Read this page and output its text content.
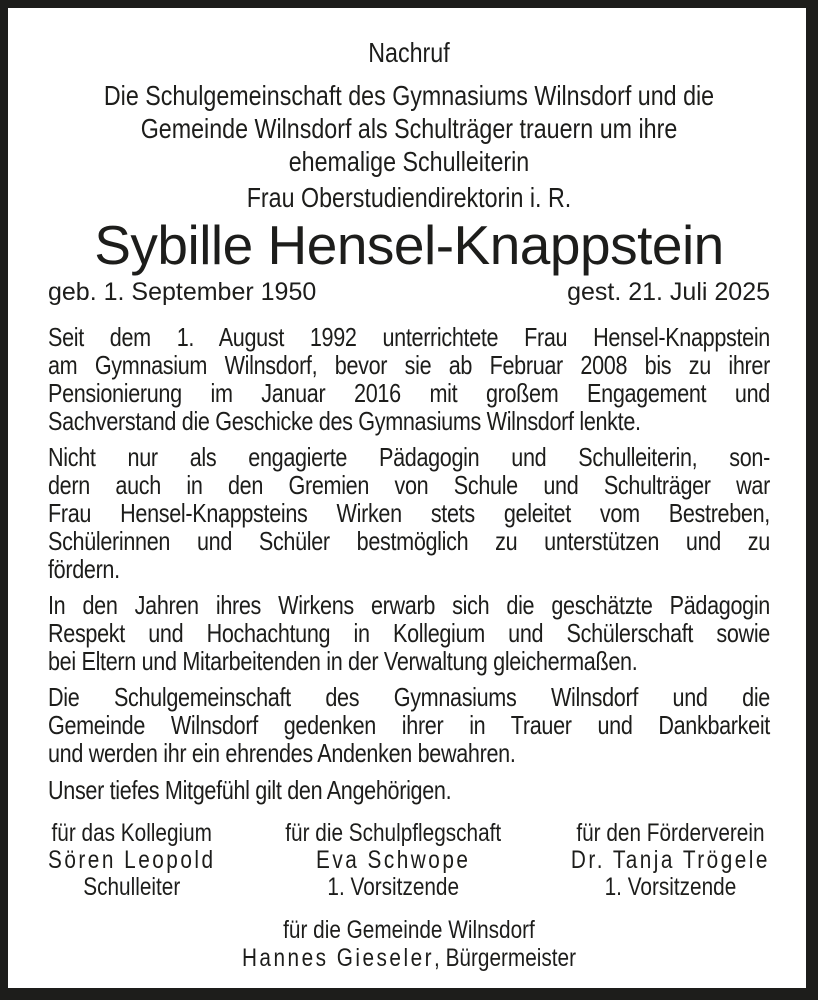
Nachruf
Die Schulgemeinschaft des Gymnasiums Wilnsdorf und die
Gemeinde Wilnsdorf als Schulträger trauern um ihre
ehemalige Schulleiterin
Frau Oberstudiendirektorin i. R.
Sybille Hensel-Knappstein
geb. 1. September 1950	gest. 21. Juli 2025
Seit dem 1. August 1992 unterrichtete Frau Hensel-Knappstein
am Gymnasium Wilnsdorf, bevor sie ab Februar 2008 bis zu ihrer
Pensionierung im Januar 2016 mit großem Engagement und
Sachverstand die Geschicke des Gymnasiums Wilnsdorf lenkte.
Nicht nur als engagierte Pädagogin und Schulleiterin, son-
dern auch in den Gremien von Schule und Schulträger war
Frau Hensel-Knappsteins Wirken stets geleitet vom Bestreben,
Schülerinnen und Schüler bestmöglich zu unterstützen und zu
fördern.
In den Jahren ihres Wirkens erwarb sich die geschätzte Pädagogin
Respekt und Hochachtung in Kollegium und Schülerschaft sowie
bei Eltern und Mitarbeitenden in der Verwaltung gleichermaßen.
Die Schulgemeinschaft des Gymnasiums Wilnsdorf und die
Gemeinde Wilnsdorf gedenken ihrer in Trauer und Dankbarkeit
und werden ihr ein ehrendes Andenken bewahren.
Unser tiefes Mitgefühl gilt den Angehörigen.
für das Kollegium
Sören Leopold
Schulleiter
für die Schulpflegschaft
Eva Schwope
1. Vorsitzende
für den Förderverein
Dr. Tanja Trögele
1. Vorsitzende
für die Gemeinde Wilnsdorf
Hannes Gieseler, Bürgermeister
